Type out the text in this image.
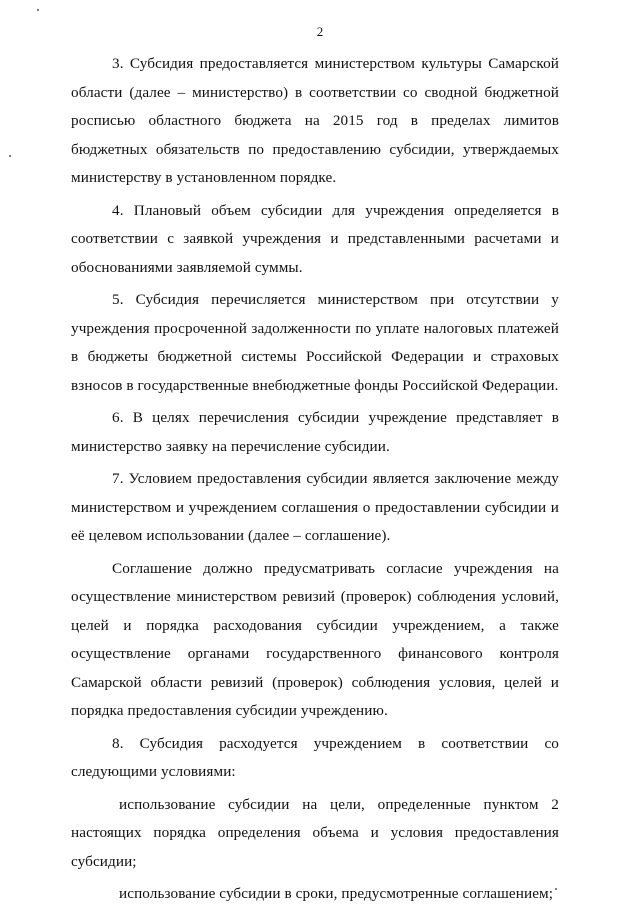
2

3. Субсидия предоставляется министерством культуры Самарской области (далее – министерство) в соответствии со сводной бюджетной росписью областного бюджета на 2015 год в пределах лимитов бюджетных обязательств по предоставлению субсидии, утверждаемых министерству в установленном порядке.

4. Плановый объем субсидии для учреждения определяется в соответствии с заявкой учреждения и представленными расчетами и обоснованиями заявляемой суммы.

5. Субсидия перечисляется министерством при отсутствии у учреждения просроченной задолженности по уплате налоговых платежей в бюджеты бюджетной системы Российской Федерации и страховых взносов в государственные внебюджетные фонды Российской Федерации.

6. В целях перечисления субсидии учреждение представляет в министерство заявку на перечисление субсидии.

7. Условием предоставления субсидии является заключение между министерством и учреждением соглашения о предоставлении субсидии и её целевом использовании (далее – соглашение).

Соглашение должно предусматривать согласие учреждения на осуществление министерством ревизий (проверок) соблюдения условий, целей и порядка расходования субсидии учреждением, а также осуществление органами государственного финансового контроля Самарской области ревизий (проверок) соблюдения условия, целей и порядка предоставления субсидии учреждению.

8. Субсидия расходуется учреждением в соответствии со следующими условиями:

использование субсидии на цели, определенные пунктом 2 настоящих порядка определения объема и условия предоставления субсидии;

использование субсидии в сроки, предусмотренные соглашением;
